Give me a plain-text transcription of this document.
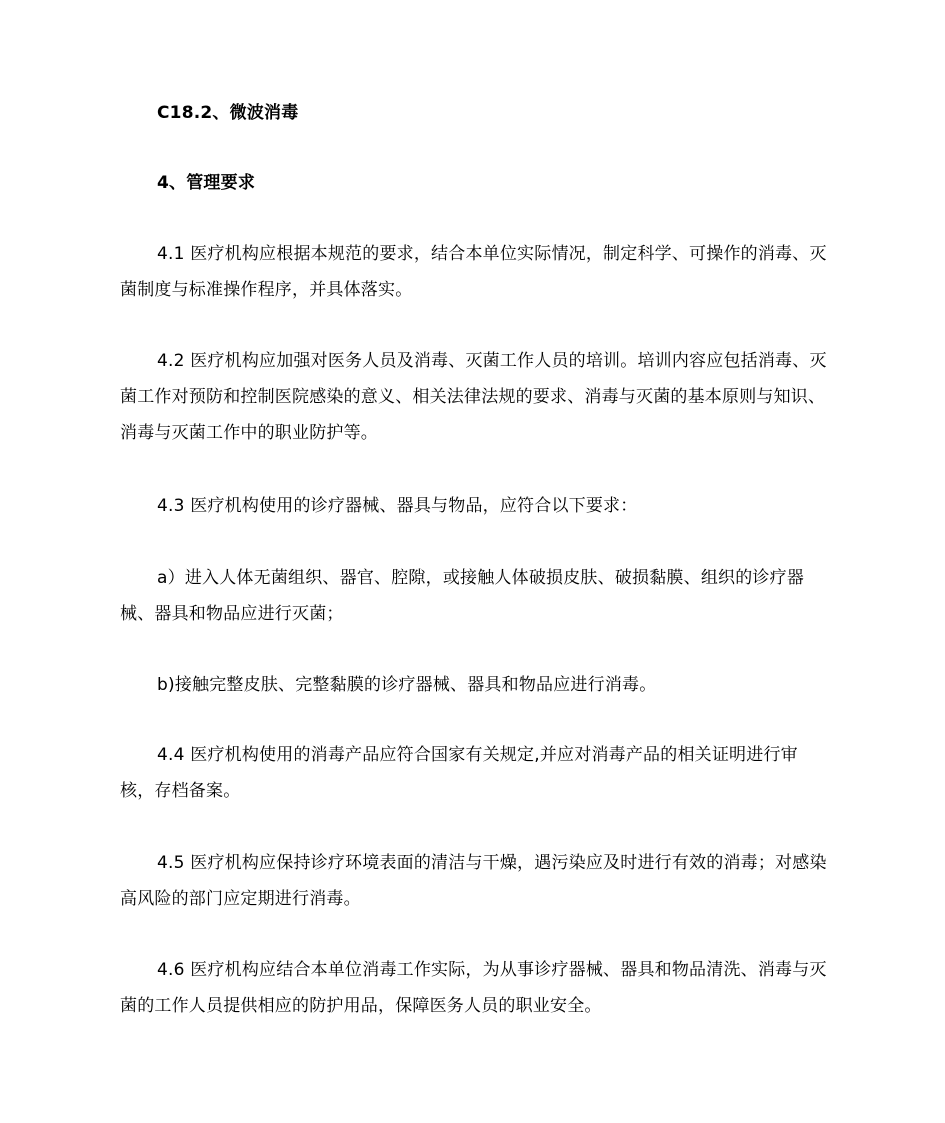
C18.2、微波消毒

4、管理要求

4.1 医疗机构应根据本规范的要求，结合本单位实际情况，制定科学、可操作的消毒、灭菌制度与标准操作程序，并具体落实。

4.2 医疗机构应加强对医务人员及消毒、灭菌工作人员的培训。培训内容应包括消毒、灭菌工作对预防和控制医院感染的意义、相关法律法规的要求、消毒与灭菌的基本原则与知识、消毒与灭菌工作中的职业防护等。

4.3 医疗机构使用的诊疗器械、器具与物品，应符合以下要求：

a）进入人体无菌组织、器官、腔隙，或接触人体破损皮肤、破损黏膜、组织的诊疗器械、器具和物品应进行灭菌；

b)接触完整皮肤、完整黏膜的诊疗器械、器具和物品应进行消毒。

4.4 医疗机构使用的消毒产品应符合国家有关规定,并应对消毒产品的相关证明进行审核，存档备案。

4.5 医疗机构应保持诊疗环境表面的清洁与干燥，遇污染应及时进行有效的消毒；对感染高风险的部门应定期进行消毒。

4.6 医疗机构应结合本单位消毒工作实际，为从事诊疗器械、器具和物品清洗、消毒与灭菌的工作人员提供相应的防护用品，保障医务人员的职业安全。
